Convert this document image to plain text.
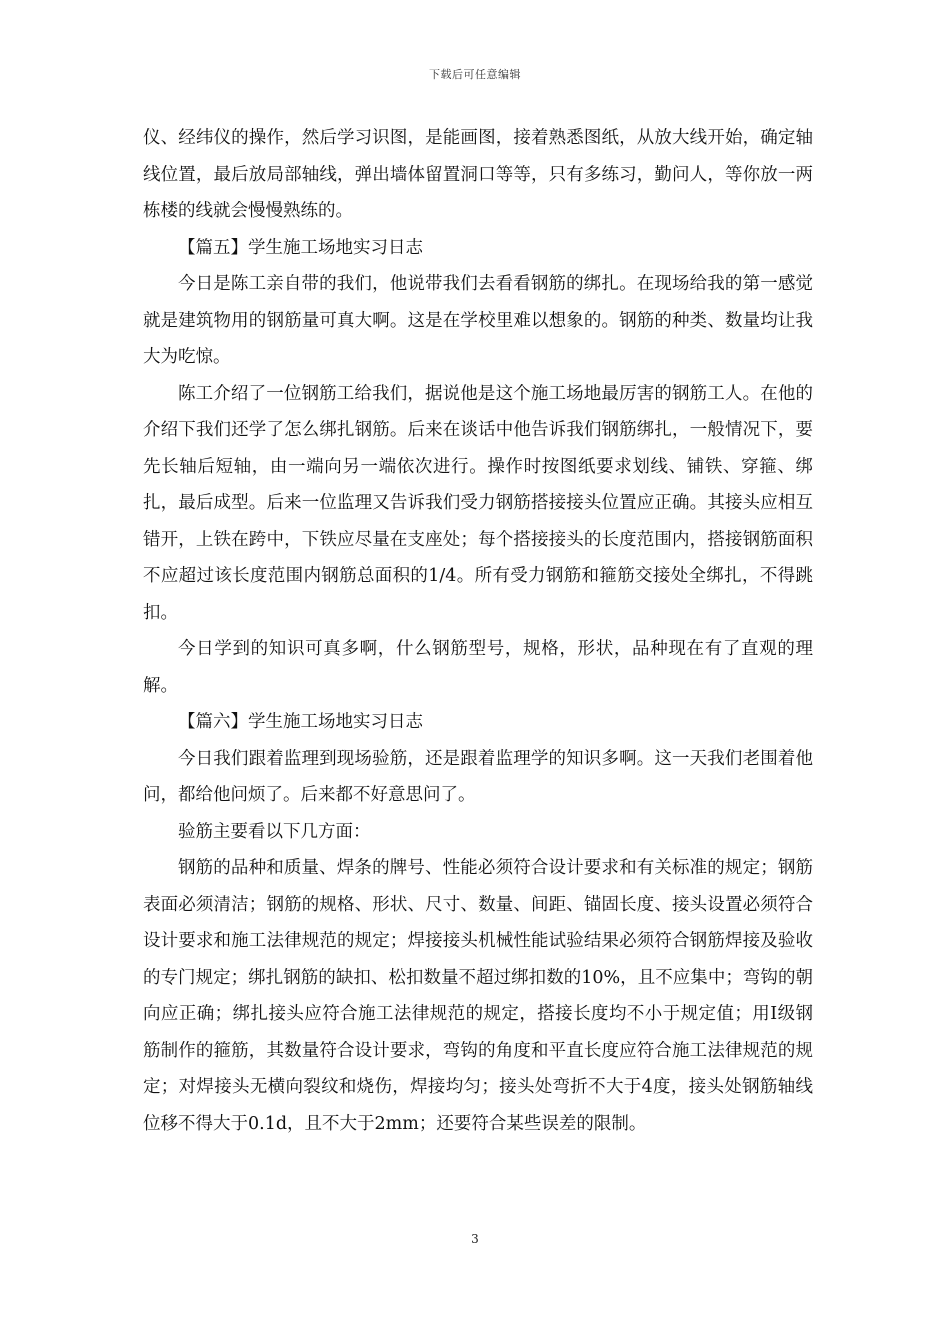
下载后可任意编辑

仪、经纬仪的操作，然后学习识图，是能画图，接着熟悉图纸，从放大线开始，确定轴线位置，最后放局部轴线，弹出墙体留置洞口等等，只有多练习，勤问人，等你放一两栋楼的线就会慢慢熟练的。

【篇五】学生施工场地实习日志

今日是陈工亲自带的我们，他说带我们去看看钢筋的绑扎。在现场给我的第一感觉就是建筑物用的钢筋量可真大啊。这是在学校里难以想象的。钢筋的种类、数量均让我大为吃惊。

陈工介绍了一位钢筋工给我们，据说他是这个施工场地最厉害的钢筋工人。在他的介绍下我们还学了怎么绑扎钢筋。后来在谈话中他告诉我们钢筋绑扎，一般情况下，要先长轴后短轴，由一端向另一端依次进行。操作时按图纸要求划线、铺铁、穿箍、绑扎，最后成型。后来一位监理又告诉我们受力钢筋搭接接头位置应正确。其接头应相互错开，上铁在跨中，下铁应尽量在支座处；每个搭接接头的长度范围内，搭接钢筋面积不应超过该长度范围内钢筋总面积的1/4。所有受力钢筋和箍筋交接处全绑扎，不得跳扣。

今日学到的知识可真多啊，什么钢筋型号，规格，形状，品种现在有了直观的理解。

【篇六】学生施工场地实习日志

今日我们跟着监理到现场验筋，还是跟着监理学的知识多啊。这一天我们老围着他问，都给他问烦了。后来都不好意思问了。

验筋主要看以下几方面：

钢筋的品种和质量、焊条的牌号、性能必须符合设计要求和有关标准的规定；钢筋表面必须清洁；钢筋的规格、形状、尺寸、数量、间距、锚固长度、接头设置必须符合设计要求和施工法律规范的规定；焊接接头机械性能试验结果必须符合钢筋焊接及验收的专门规定；绑扎钢筋的缺扣、松扣数量不超过绑扣数的10%，且不应集中；弯钩的朝向应正确；绑扎接头应符合施工法律规范的规定，搭接长度均不小于规定值；用Ⅰ级钢筋制作的箍筋，其数量符合设计要求，弯钩的角度和平直长度应符合施工法律规范的规定；对焊接头无横向裂纹和烧伤，焊接均匀；接头处弯折不大于4度，接头处钢筋轴线位移不得大于0.1d，且不大于2mm；还要符合某些误差的限制。

3
